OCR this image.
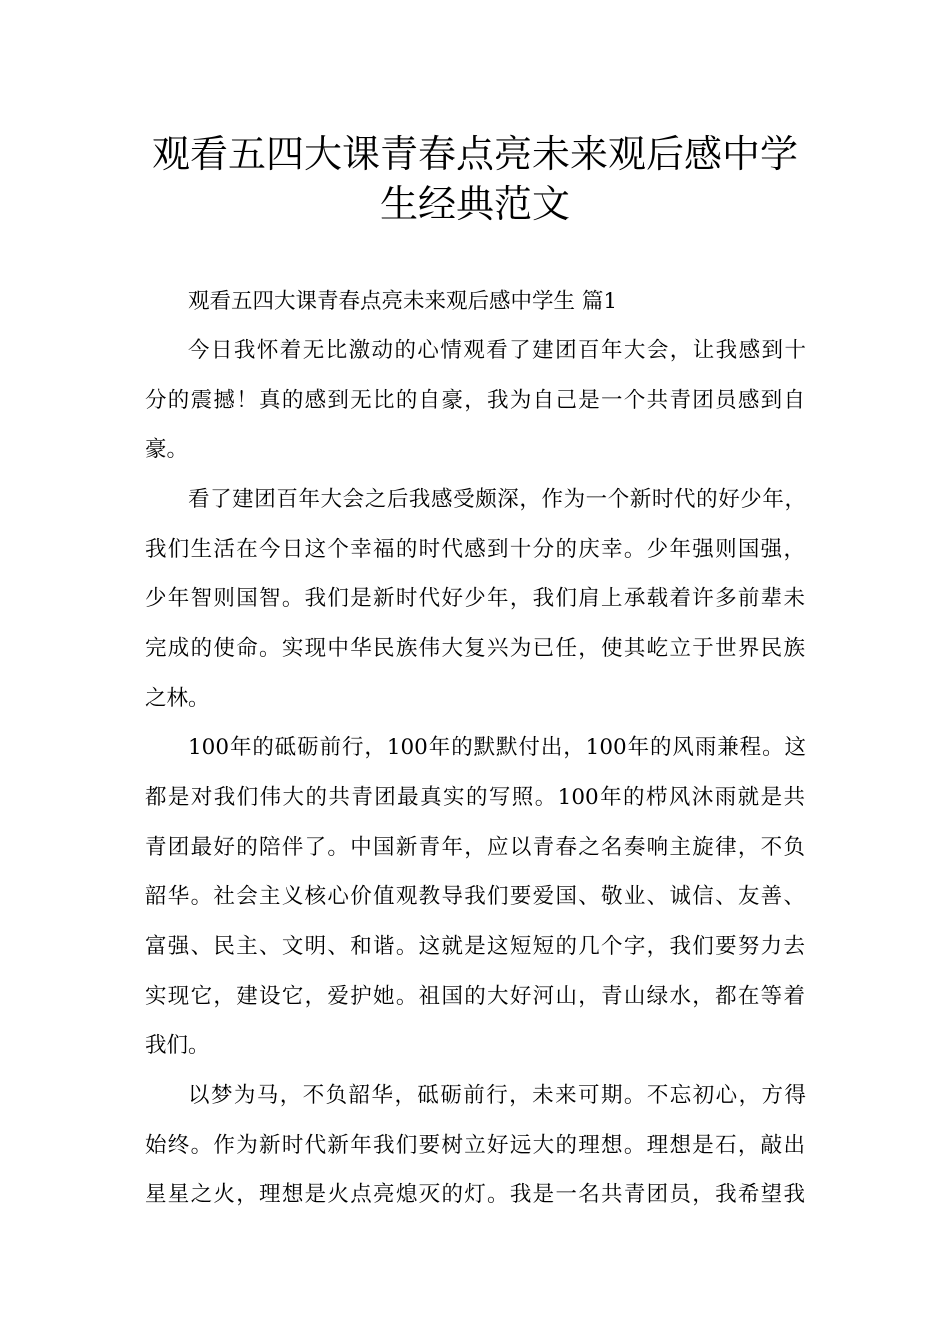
观看五四大课青春点亮未来观后感中学
生经典范文
观看五四大课青春点亮未来观后感中学生 篇1
今日我怀着无比激动的心情观看了建团百年大会，让我感到十
分的震撼！真的感到无比的自豪，我为自己是一个共青团员感到自
豪。
看了建团百年大会之后我感受颇深，作为一个新时代的好少年，
我们生活在今日这个幸福的时代感到十分的庆幸。少年强则国强，
少年智则国智。我们是新时代好少年，我们肩上承载着许多前辈未
完成的使命。实现中华民族伟大复兴为已任，使其屹立于世界民族
之林。
100年的砥砺前行，100年的默默付出，100年的风雨兼程。这
都是对我们伟大的共青团最真实的写照。100年的栉风沐雨就是共
青团最好的陪伴了。中国新青年，应以青春之名奏响主旋律，不负
韶华。社会主义核心价值观教导我们要爱国、敬业、诚信、友善、
富强、民主、文明、和谐。这就是这短短的几个字，我们要努力去
实现它，建设它，爱护她。祖国的大好河山，青山绿水，都在等着
我们。
以梦为马，不负韶华，砥砺前行，未来可期。不忘初心，方得
始终。作为新时代新年我们要树立好远大的理想。理想是石，敲出
星星之火，理想是火点亮熄灭的灯。我是一名共青团员，我希望我
